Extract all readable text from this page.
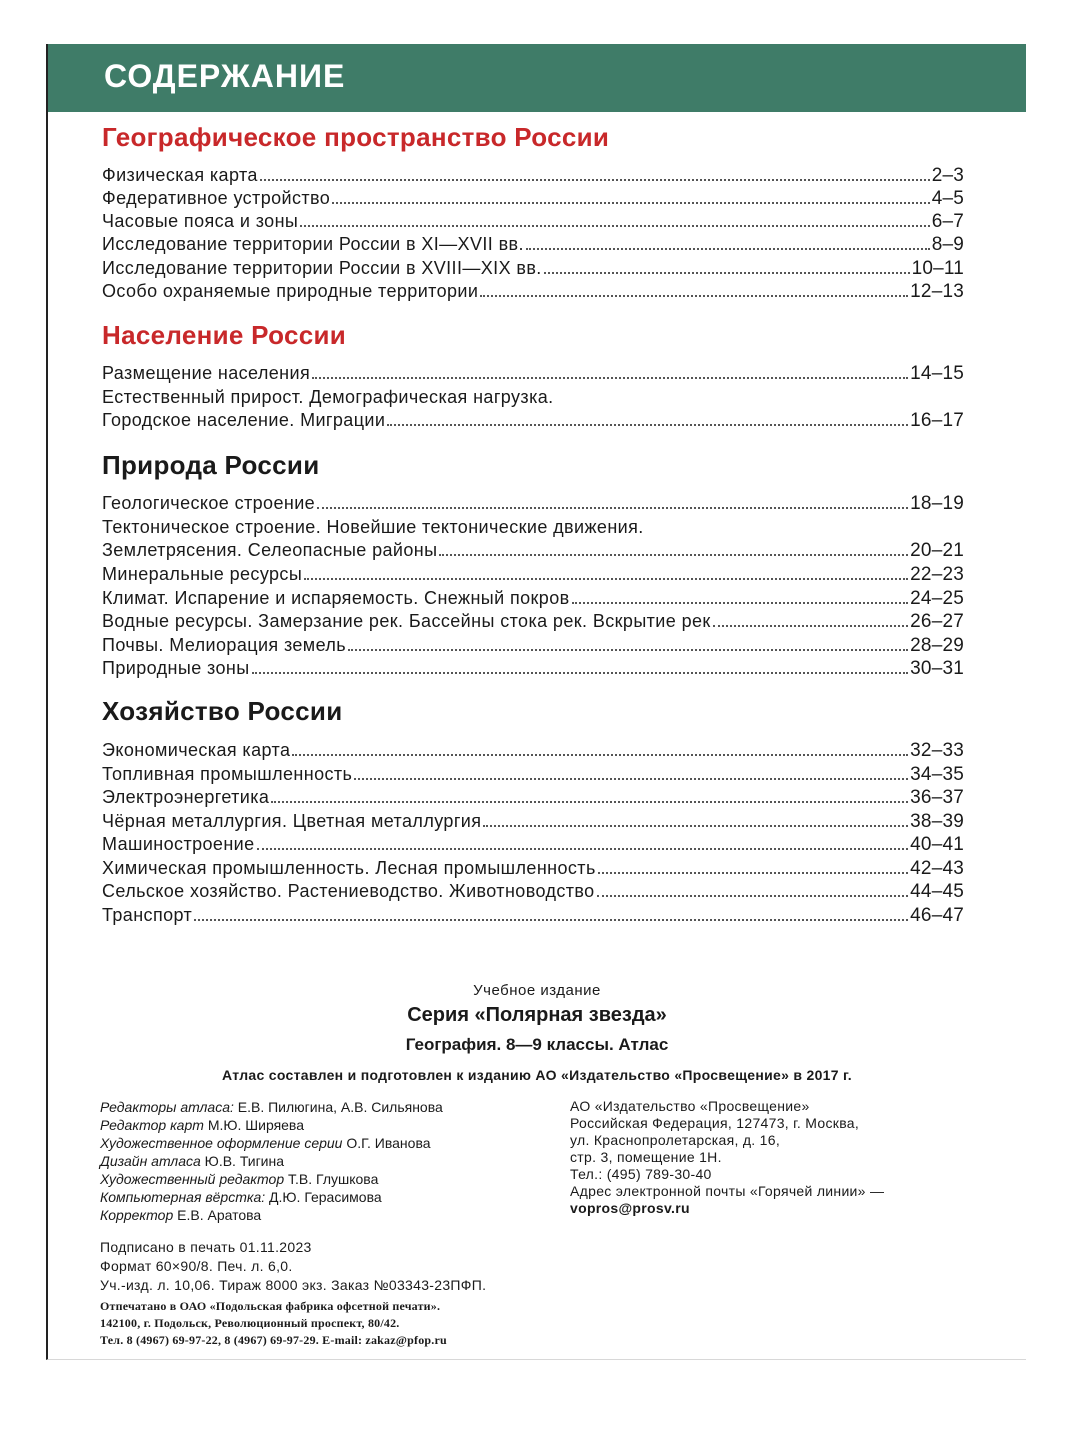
СОДЕРЖАНИЕ
Географическое пространство России
Физическая карта	2–3
Федеративное устройство	4–5
Часовые пояса и зоны	6–7
Исследование территории России в XI—XVII вв.	8–9
Исследование территории России в XVIII—XIX вв.	10–11
Особо охраняемые природные территории	12–13
Население России
Размещение населения	14–15
Естественный прирост. Демографическая нагрузка.
Городское население. Миграции	16–17
Природа России
Геологическое строение	18–19
Тектоническое строение. Новейшие тектонические движения.
Землетрясения. Селеопасные районы	20–21
Минеральные ресурсы	22–23
Климат. Испарение и испаряемость. Снежный покров	24–25
Водные ресурсы. Замерзание рек. Бассейны стока рек. Вскрытие рек	26–27
Почвы. Мелиорация земель	28–29
Природные зоны	30–31
Хозяйство России
Экономическая карта	32–33
Топливная промышленность	34–35
Электроэнергетика	36–37
Чёрная металлургия. Цветная металлургия	38–39
Машиностроение	40–41
Химическая промышленность. Лесная промышленность	42–43
Сельское хозяйство. Растениеводство. Животноводство	44–45
Транспорт	46–47
Учебное издание
Серия «Полярная звезда»
География. 8—9 классы. Атлас
Атлас составлен и подготовлен к изданию АО «Издательство «Просвещение» в 2017 г.
Редакторы атласа: Е.В. Пилюгина, А.В. Сильянова
Редактор карт М.Ю. Ширяева
Художественное оформление серии О.Г. Иванова
Дизайн атласа Ю.В. Тигина
Художественный редактор Т.В. Глушкова
Компьютерная вёрстка: Д.Ю. Герасимова
Корректор Е.В. Аратова
АО «Издательство «Просвещение»
Российская Федерация, 127473, г. Москва,
ул. Краснопролетарская, д. 16,
стр. 3, помещение 1Н.
Тел.: (495) 789-30-40
Адрес электронной почты «Горячей линии» —
vopros@prosv.ru
Подписано в печать 01.11.2023
Формат 60×90/8. Печ. л. 6,0.
Уч.-изд. л. 10,06. Тираж 8000 экз. Заказ №03343-23ПФП.
Отпечатано в ОАО «Подольская фабрика офсетной печати».
142100, г. Подольск, Революционный проспект, 80/42.
Тел. 8 (4967) 69-97-22, 8 (4967) 69-97-29. E-mail: zakaz@pfop.ru
